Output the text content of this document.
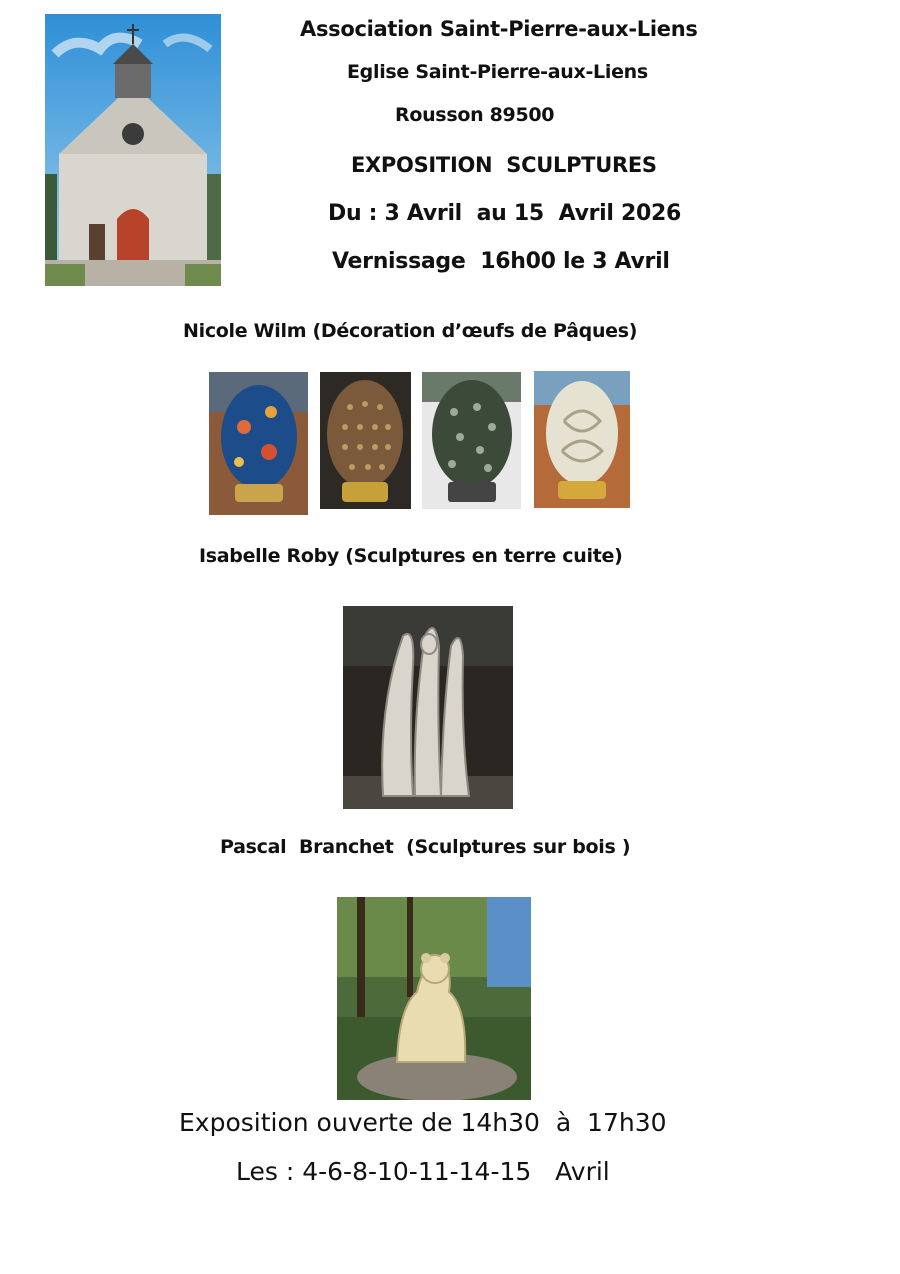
Association Saint-Pierre-aux-Liens
Eglise Saint-Pierre-aux-Liens
Rousson 89500
EXPOSITION  SCULPTURES
Du : 3 Avril  au 15  Avril 2026
Vernissage  16h00 le 3 Avril
Nicole Wilm (Décoration d’œufs de Pâques)
Isabelle Roby (Sculptures en terre cuite)
Pascal  Branchet  (Sculptures sur bois )
Exposition ouverte de 14h30  à  17h30
Les : 4-6-8-10-11-14-15   Avril
